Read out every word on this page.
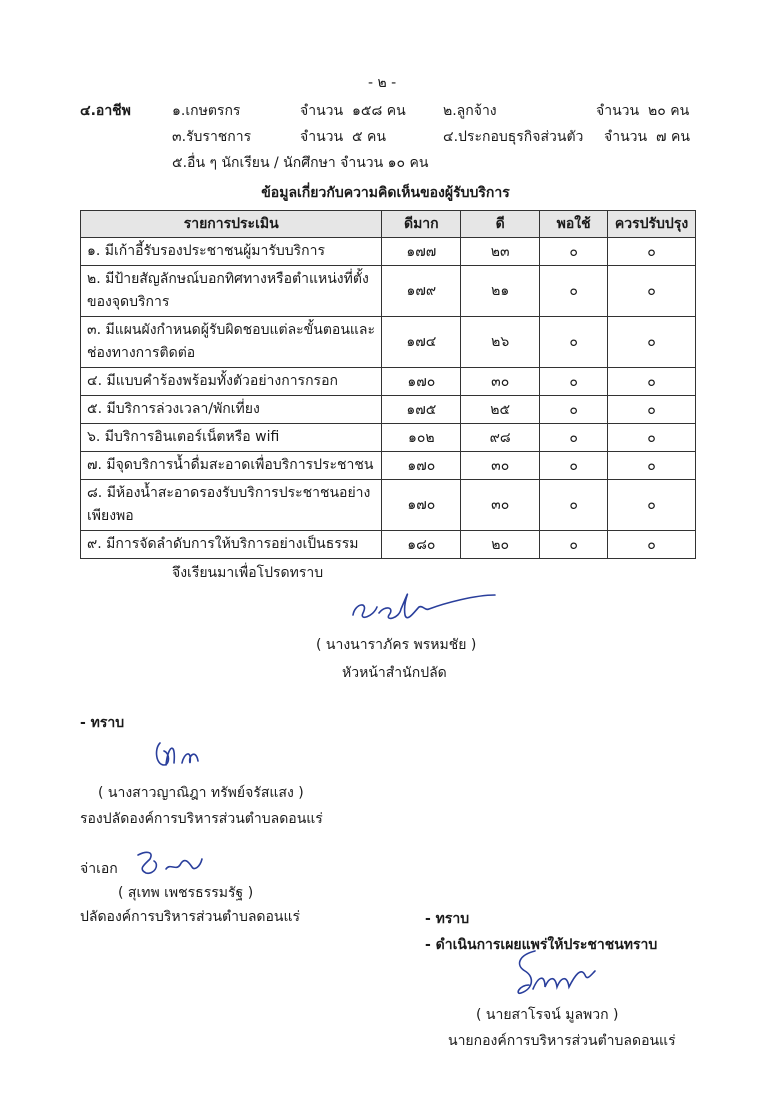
- ๒ -
๔.อาชีพ	๑.เกษตรกร	จำนวน ๑๕๘ คน	๒.ลูกจ้าง	จำนวน ๒๐ คน
๓.รับราชการ	จำนวน ๕ คน	๔.ประกอบธุรกิจส่วนตัว จำนวน ๗ คน
๕.อื่น ๆ นักเรียน / นักศึกษา จำนวน ๑๐ คน
ข้อมูลเกี่ยวกับความคิดเห็นของผู้รับบริการ
รายการประเมิน	ดีมาก	ดี	พอใช้	ควรปรับปรุง
๑. มีเก้าอี้รับรองประชาชนผู้มารับบริการ	๑๗๗	๒๓	๐	๐
๒. มีป้ายสัญลักษณ์บอกทิศทางหรือตำแหน่งที่ตั้งของจุดบริการ	๑๗๙	๒๑	๐	๐
๓. มีแผนผังกำหนดผู้รับผิดชอบแต่ละขั้นตอนและช่องทางการติดต่อ	๑๗๔	๒๖	๐	๐
๔. มีแบบคำร้องพร้อมทั้งตัวอย่างการกรอก	๑๗๐	๓๐	๐	๐
๕. มีบริการล่วงเวลา/พักเที่ยง	๑๗๕	๒๕	๐	๐
๖. มีบริการอินเตอร์เน็ตหรือ wifi	๑๐๒	๙๘	๐	๐
๗. มีจุดบริการน้ำดื่มสะอาดเพื่อบริการประชาชน	๑๗๐	๓๐	๐	๐
๘. มีห้องน้ำสะอาดรองรับบริการประชาชนอย่างเพียงพอ	๑๗๐	๓๐	๐	๐
๙. มีการจัดลำดับการให้บริการอย่างเป็นธรรม	๑๘๐	๒๐	๐	๐
จึงเรียนมาเพื่อโปรดทราบ
( นางนาราภัคร พรหมชัย )
หัวหน้าสำนักปลัด
- ทราบ
( นางสาวญาณิฎา ทรัพย์จรัสแสง )
รองปลัดองค์การบริหารส่วนตำบลดอนแร่
จ่าเอก
( สุเทพ เพชรธรรมรัฐ )
ปลัดองค์การบริหารส่วนตำบลดอนแร่	- ทราบ
- ดำเนินการเผยแพร่ให้ประชาชนทราบ
( นายสาโรจน์ มูลพวก )
นายกองค์การบริหารส่วนตำบลดอนแร่
